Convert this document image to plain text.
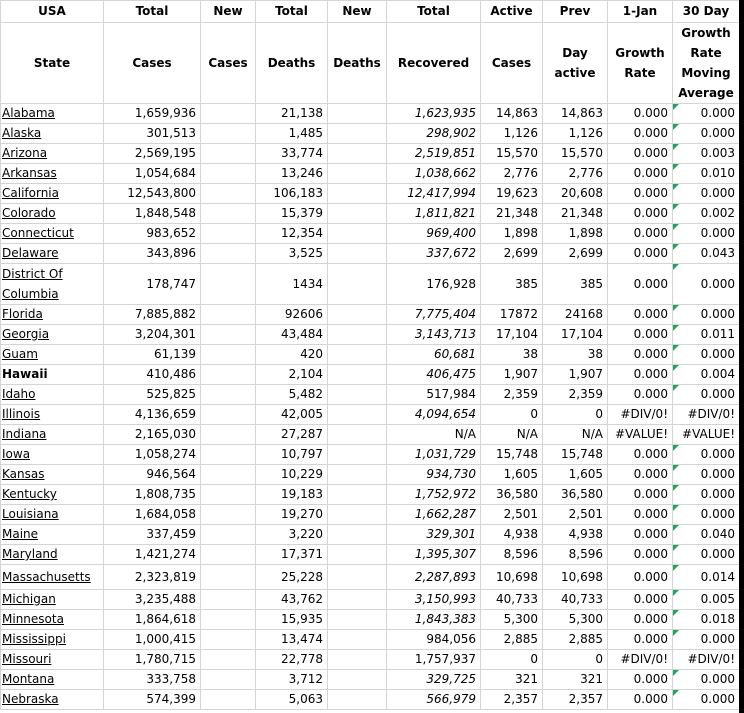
USA	Total	New	Total	New	Total	Active	Prev	1-Jan	30 Day
State	Cases	Cases	Deaths	Deaths	Recovered	Cases	Day active	Growth Rate	Growth Rate Moving Average
Alabama	1,659,936		21,138		1,623,935	14,863	14,863	0.000	0.000

Alaska	301,513		1,485		298,902	1,126	1,126	0.000	0.000

Arizona	2,569,195		33,774		2,519,851	15,570	15,570	0.000	0.003

Arkansas	1,054,684		13,246		1,038,662	2,776	2,776	0.000	0.010

California	12,543,800		106,183		12,417,994	19,623	20,608	0.000	0.000

Colorado	1,848,548		15,379		1,811,821	21,348	21,348	0.000	0.002

Connecticut	983,652		12,354		969,400	1,898	1,898	0.000	0.000

Delaware	343,896		3,525		337,672	2,699	2,699	0.000	0.043

District Of Columbia	178,747		1434		176,928	385	385	0.000	0.000

Florida	7,885,882		92606		7,775,404	17872	24168	0.000	0.000

Georgia	3,204,301		43,484		3,143,713	17,104	17,104	0.000	0.011

Guam	61,139		420		60,681	38	38	0.000	0.000

Hawaii	410,486		2,104		406,475	1,907	1,907	0.000	0.004

Idaho	525,825		5,482		517,984	2,359	2,359	0.000	0.000

Illinois	4,136,659		42,005		4,094,654	0	0	#DIV/0!	#DIV/0!
Indiana	2,165,030		27,287		N/A	N/A	N/A	#VALUE!	#VALUE!
Iowa	1,058,274		10,797		1,031,729	15,748	15,748	0.000	0.000

Kansas	946,564		10,229		934,730	1,605	1,605	0.000	0.000

Kentucky	1,808,735		19,183		1,752,972	36,580	36,580	0.000	0.000

Louisiana	1,684,058		19,270		1,662,287	2,501	2,501	0.000	0.000

Maine	337,459		3,220		329,301	4,938	4,938	0.000	0.040

Maryland	1,421,274		17,371		1,395,307	8,596	8,596	0.000	0.000

Massachusetts	2,323,819		25,228		2,287,893	10,698	10,698	0.000	0.014

Michigan	3,235,488		43,762		3,150,993	40,733	40,733	0.000	0.005

Minnesota	1,864,618		15,935		1,843,383	5,300	5,300	0.000	0.018

Mississippi	1,000,415		13,474		984,056	2,885	2,885	0.000	0.000

Missouri	1,780,715		22,778		1,757,937	0	0	#DIV/0!	#DIV/0!
Montana	333,758		3,712		329,725	321	321	0.000	0.000

Nebraska	574,399		5,063		566,979	2,357	2,357	0.000	0.000
